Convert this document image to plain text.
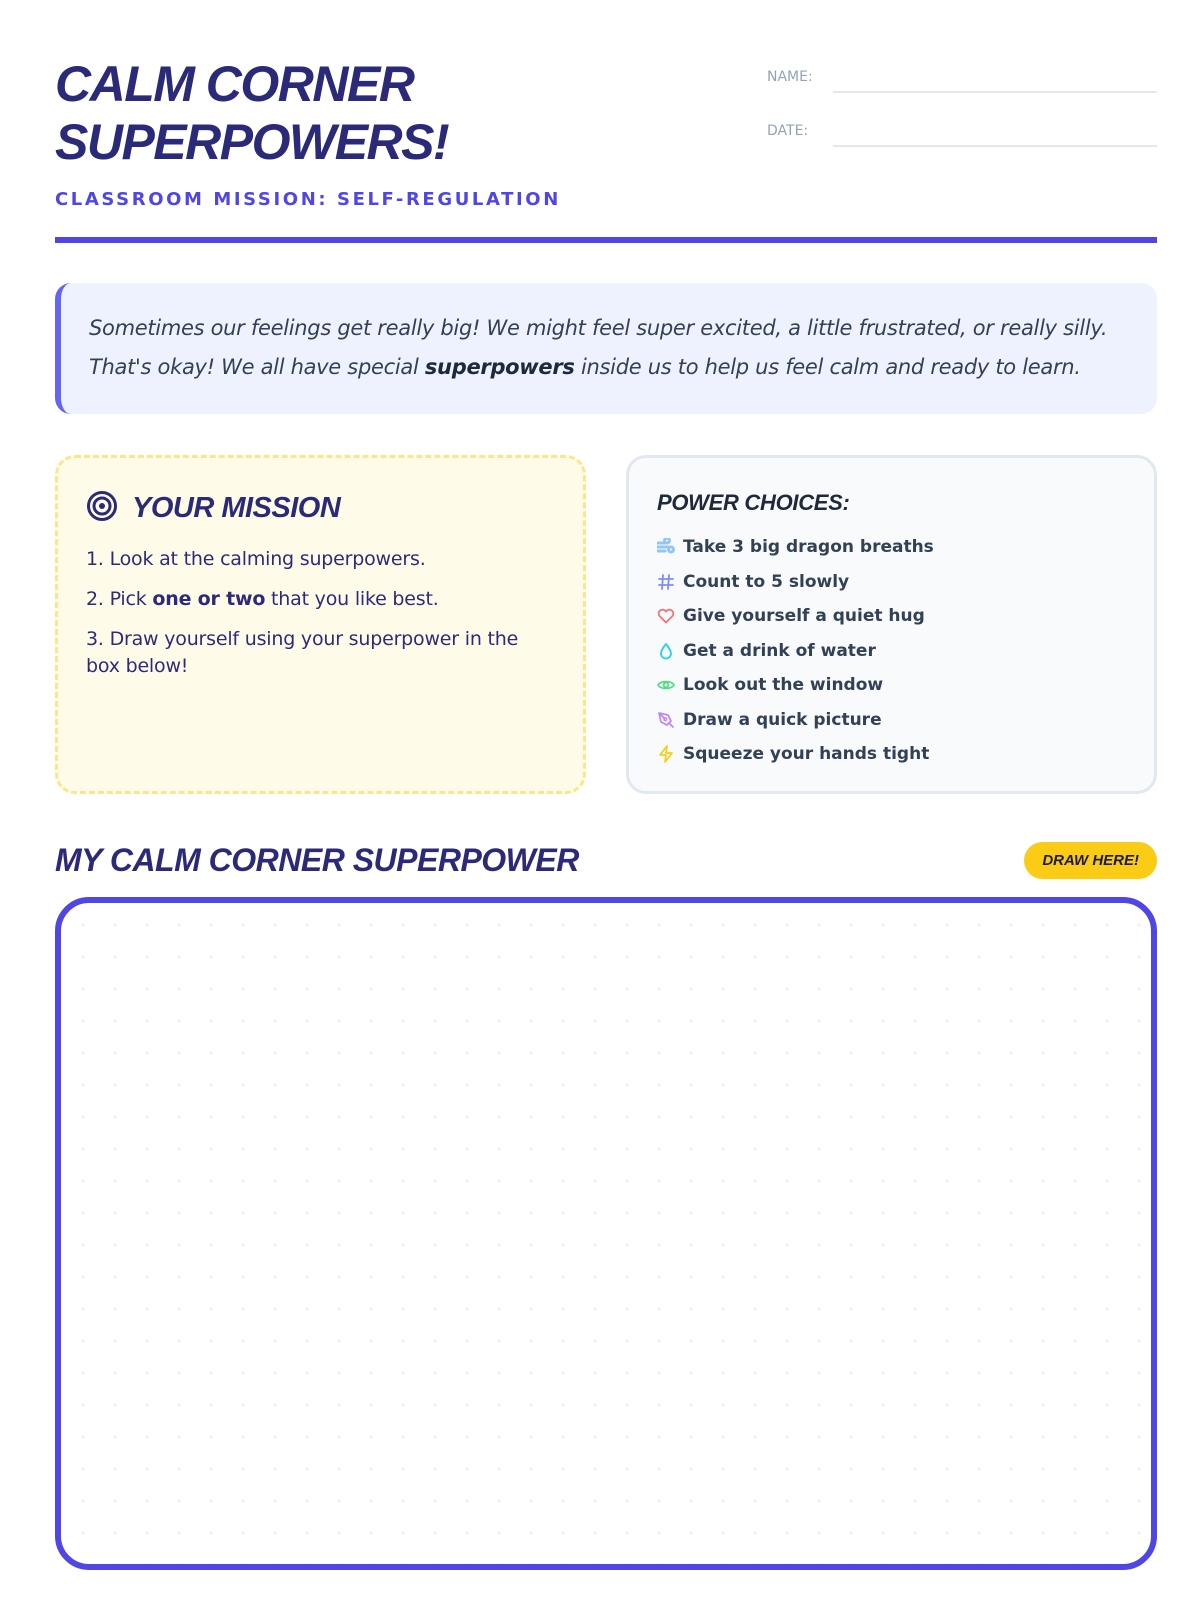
CALM CORNER
SUPERPOWERS!
CLASSROOM MISSION: SELF-REGULATION
NAME:
DATE:
Sometimes our feelings get really big! We might feel super excited, a little frustrated, or really silly. That's okay! We all have special superpowers inside us to help us feel calm and ready to learn.
YOUR MISSION
1. Look at the calming superpowers.
2. Pick one or two that you like best.
3. Draw yourself using your superpower in the box below!
POWER CHOICES:
Take 3 big dragon breaths
Count to 5 slowly
Give yourself a quiet hug
Get a drink of water
Look out the window
Draw a quick picture
Squeeze your hands tight
MY CALM CORNER SUPERPOWER	DRAW HERE!
